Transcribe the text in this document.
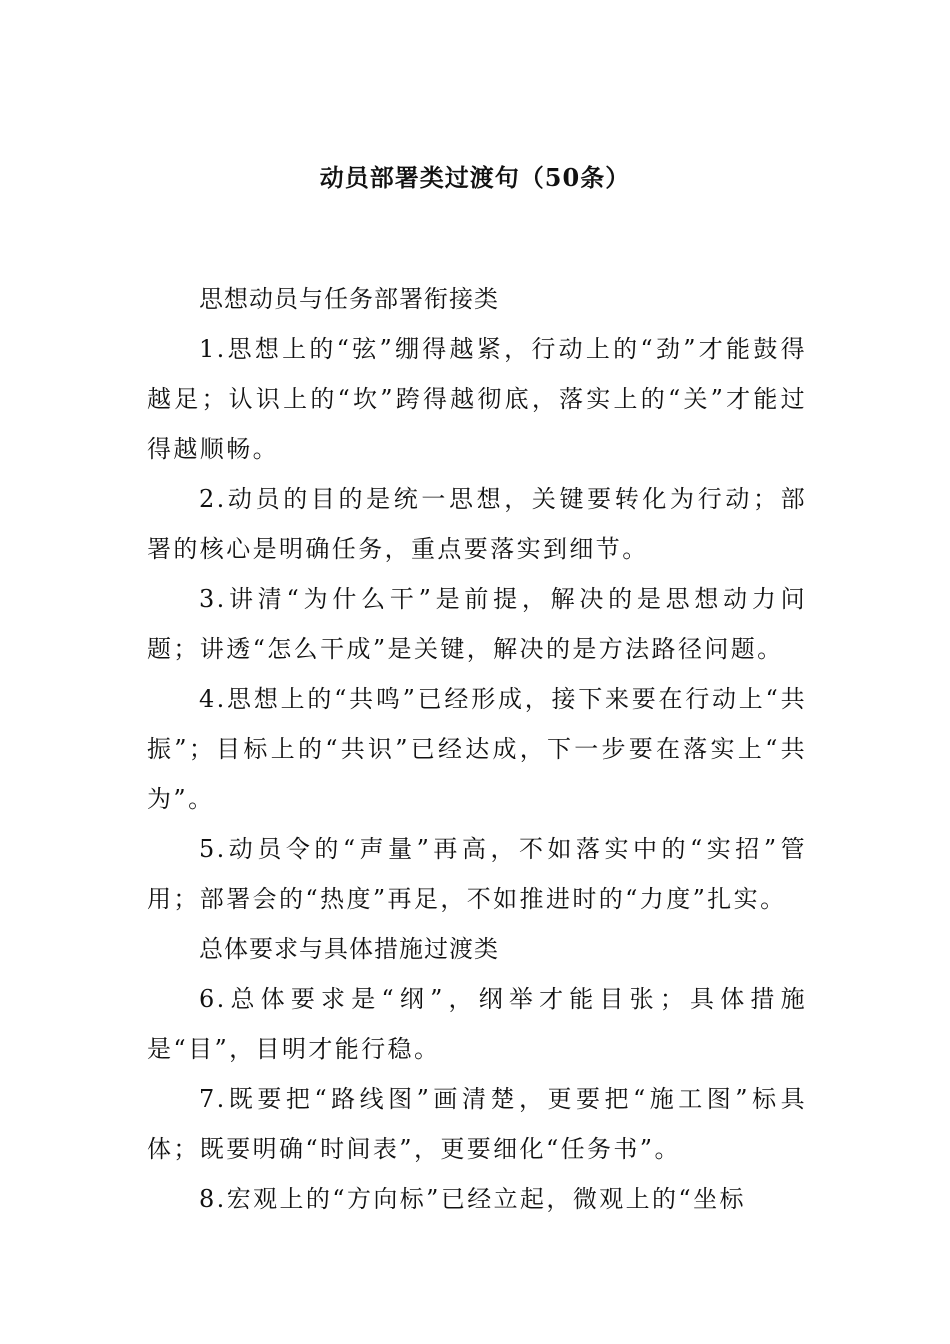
动员部署类过渡句（50条）

思想动员与任务部署衔接类

1.思想上的“弦”绷得越紧，行动上的“劲”才能鼓得越足；认识上的“坎”跨得越彻底，落实上的“关”才能过得越顺畅。

2.动员的目的是统一思想，关键要转化为行动；部署的核心是明确任务，重点要落实到细节。

3.讲清“为什么干”是前提，解决的是思想动力问题；讲透“怎么干成”是关键，解决的是方法路径问题。

4.思想上的“共鸣”已经形成，接下来要在行动上“共振”；目标上的“共识”已经达成，下一步要在落实上“共为”。

5.动员令的“声量”再高，不如落实中的“实招”管用；部署会的“热度”再足，不如推进时的“力度”扎实。

总体要求与具体措施过渡类

6.总体要求是“纲”，纲举才能目张；具体措施是“目”，目明才能行稳。

7.既要把“路线图”画清楚，更要把“施工图”标具体；既要明确“时间表”，更要细化“任务书”。

8.宏观上的“方向标”已经立起，微观上的“坐标
